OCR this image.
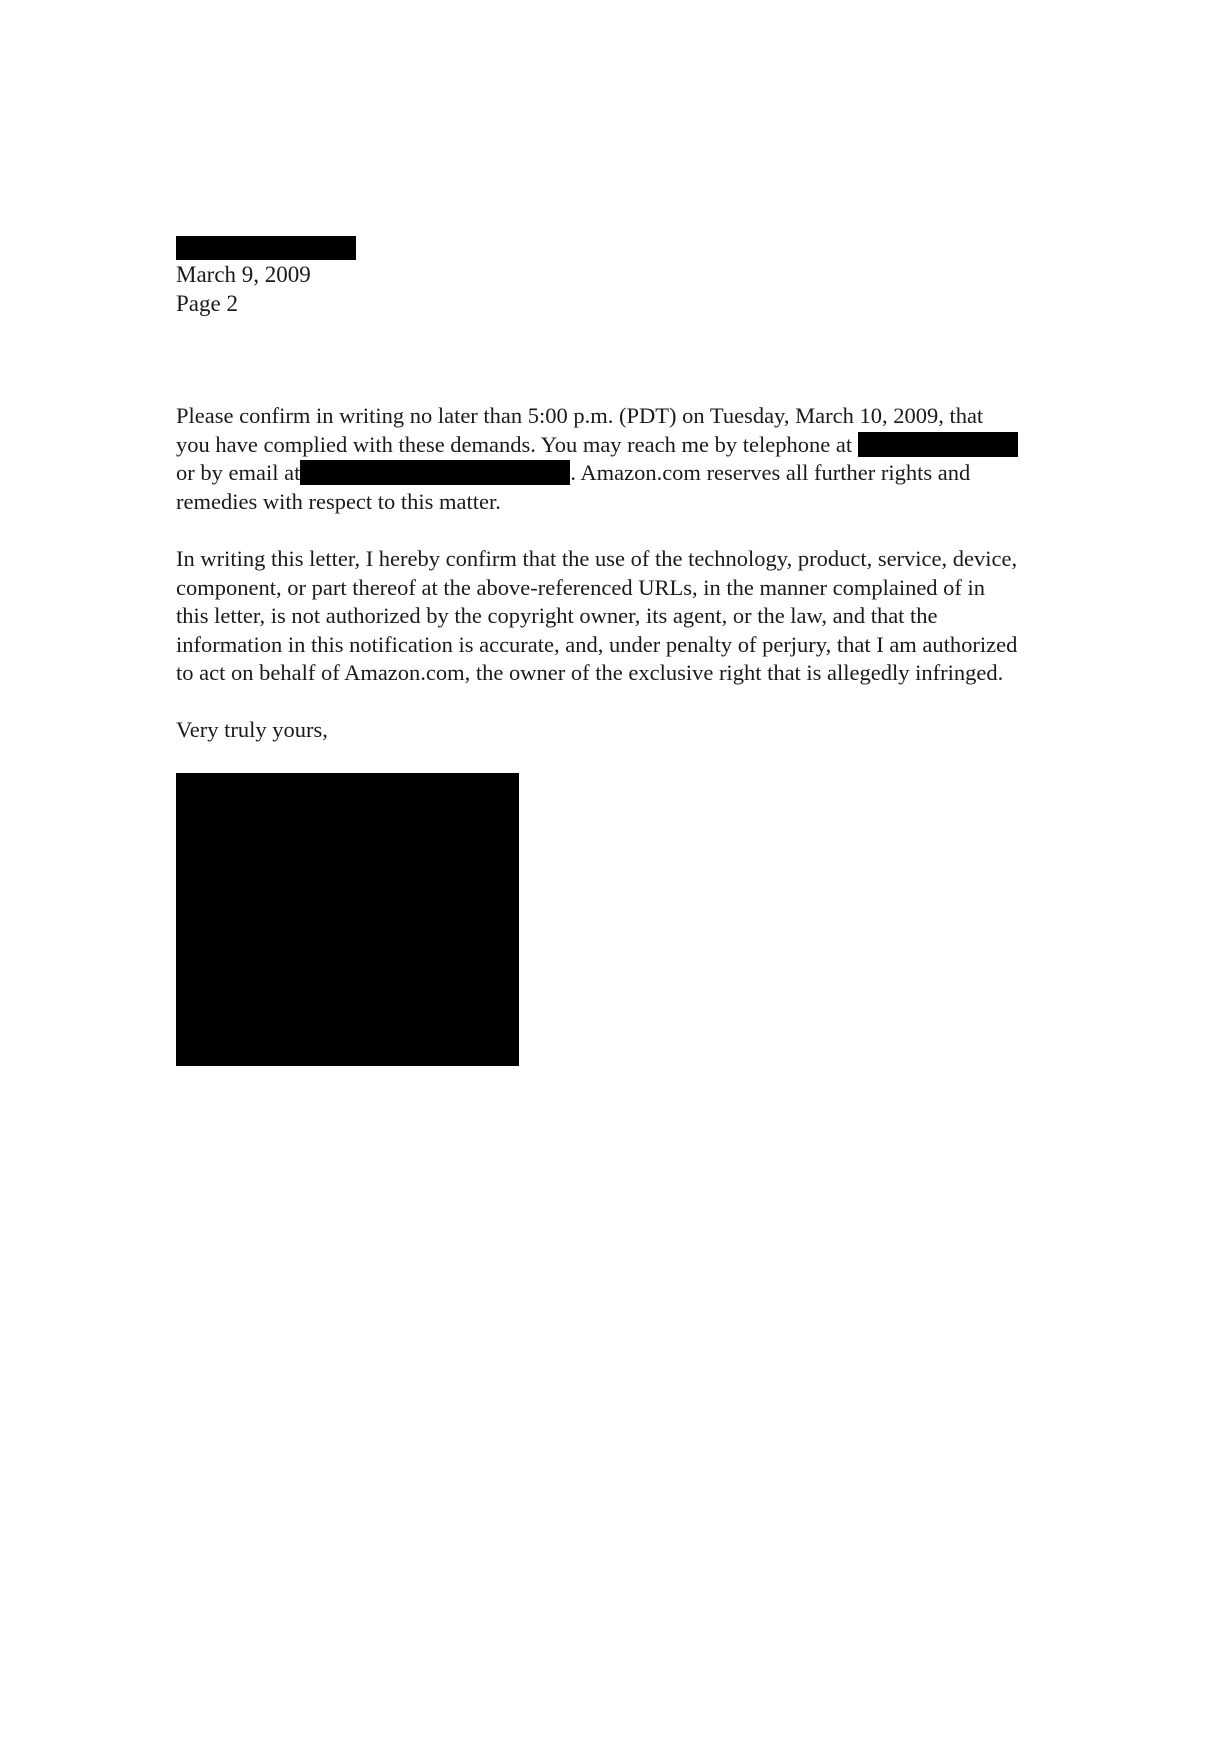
March 9, 2009
Page 2
Please confirm in writing no later than 5:00 p.m. (PDT) on Tuesday, March 10, 2009, that
you have complied with these demands. You may reach me by telephone at
or by email at	. Amazon.com reserves all further rights and
remedies with respect to this matter.
In writing this letter, I hereby confirm that the use of the technology, product, service, device,
component, or part thereof at the above-referenced URLs, in the manner complained of in
this letter, is not authorized by the copyright owner, its agent, or the law, and that the
information in this notification is accurate, and, under penalty of perjury, that I am authorized
to act on behalf of Amazon.com, the owner of the exclusive right that is allegedly infringed.
Very truly yours,
